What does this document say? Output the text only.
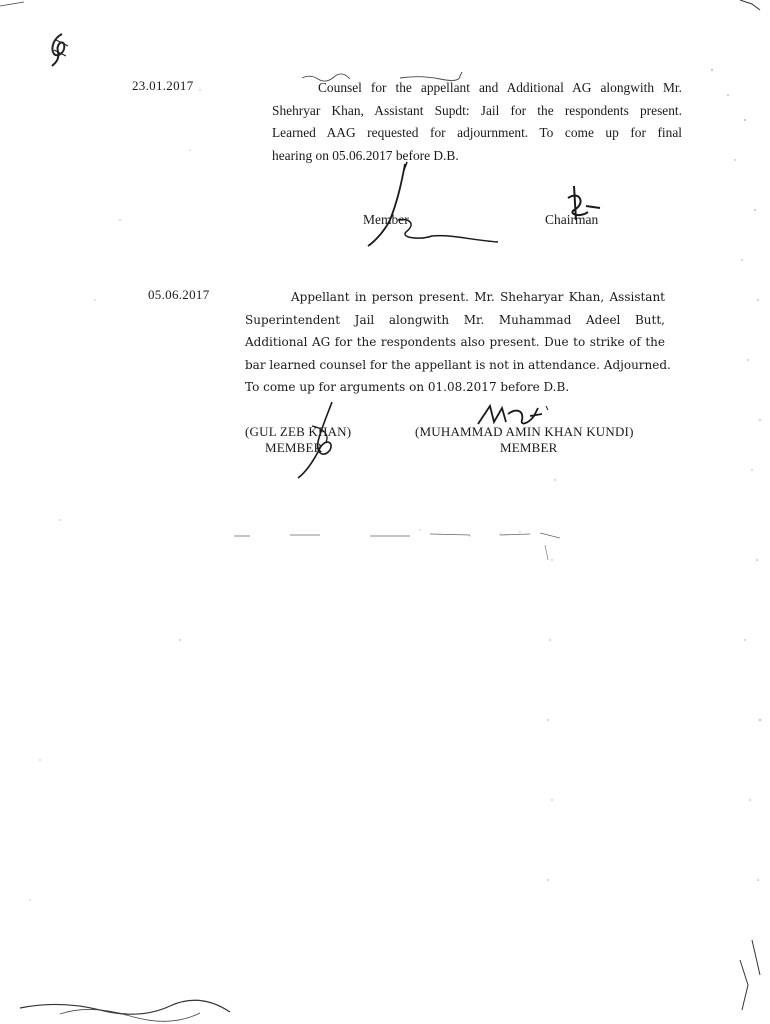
23.01.2017	Counsel for the appellant and Additional AG alongwith Mr.
Shehryar Khan, Assistant Supdt: Jail for the respondents present.
Learned AAG requested for adjournment. To come up for final
hearing on 05.06.2017 before D.B.
Member	Chairman
05.06.2017	Appellant in person present. Mr. Sheharyar Khan, Assistant
Superintendent Jail alongwith Mr. Muhammad Adeel Butt,
Additional AG for the respondents also present. Due to strike of the
bar learned counsel for the appellant is not in attendance. Adjourned.
To come up for arguments on 01.08.2017 before D.B.
(GUL ZEB KHAN)
MEMBER
(MUHAMMAD AMIN KHAN KUNDI)
MEMBER
